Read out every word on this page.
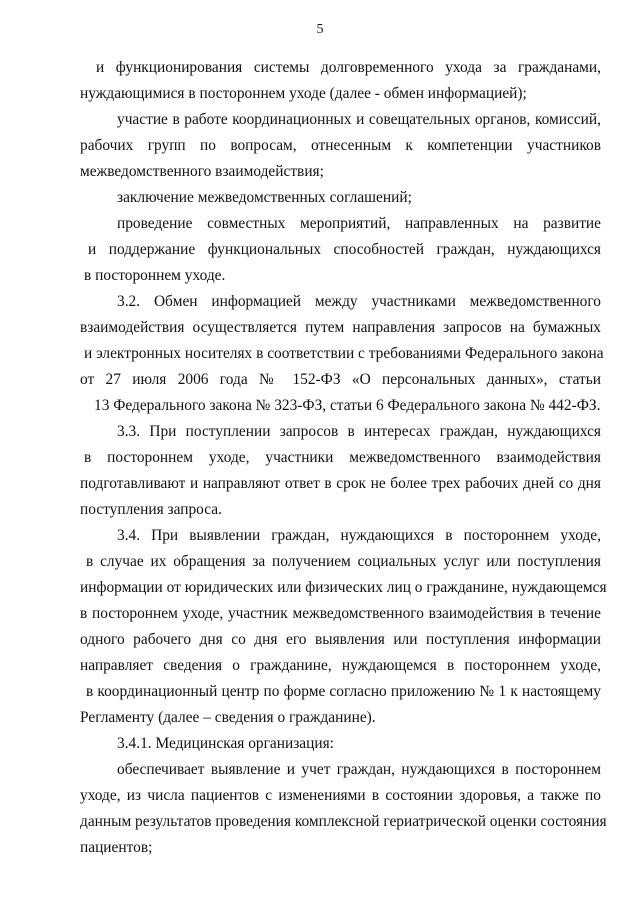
5
и функционирования системы долговременного ухода за гражданами,
нуждающимися в постороннем уходе (далее - обмен информацией);
участие в работе координационных и совещательных органов, комиссий,
рабочих групп по вопросам, отнесенным к компетенции участников
межведомственного взаимодействия;
заключение межведомственных соглашений;
проведение совместных мероприятий, направленных на развитие
и поддержание функциональных способностей граждан, нуждающихся
в постороннем уходе.
3.2. Обмен информацией между участниками межведомственного
взаимодействия осуществляется путем направления запросов на бумажных
и электронных носителях в соответствии с требованиями Федерального закона
от 27 июля 2006 года № 152-ФЗ «О персональных данных», статьи
13 Федерального закона № 323-ФЗ, статьи 6 Федерального закона № 442-ФЗ.
3.3. При поступлении запросов в интересах граждан, нуждающихся
в постороннем уходе, участники межведомственного взаимодействия
подготавливают и направляют ответ в срок не более трех рабочих дней со дня
поступления запроса.
3.4. При выявлении граждан, нуждающихся в постороннем уходе,
в случае их обращения за получением социальных услуг или поступления
информации от юридических или физических лиц о гражданине, нуждающемся
в постороннем уходе, участник межведомственного взаимодействия в течение
одного рабочего дня со дня его выявления или поступления информации
направляет сведения о гражданине, нуждающемся в постороннем уходе,
в координационный центр по форме согласно приложению № 1 к настоящему
Регламенту (далее – сведения о гражданине).
3.4.1. Медицинская организация:
обеспечивает выявление и учет граждан, нуждающихся в постороннем
уходе, из числа пациентов с изменениями в состоянии здоровья, а также по
данным результатов проведения комплексной гериатрической оценки состояния
пациентов;
